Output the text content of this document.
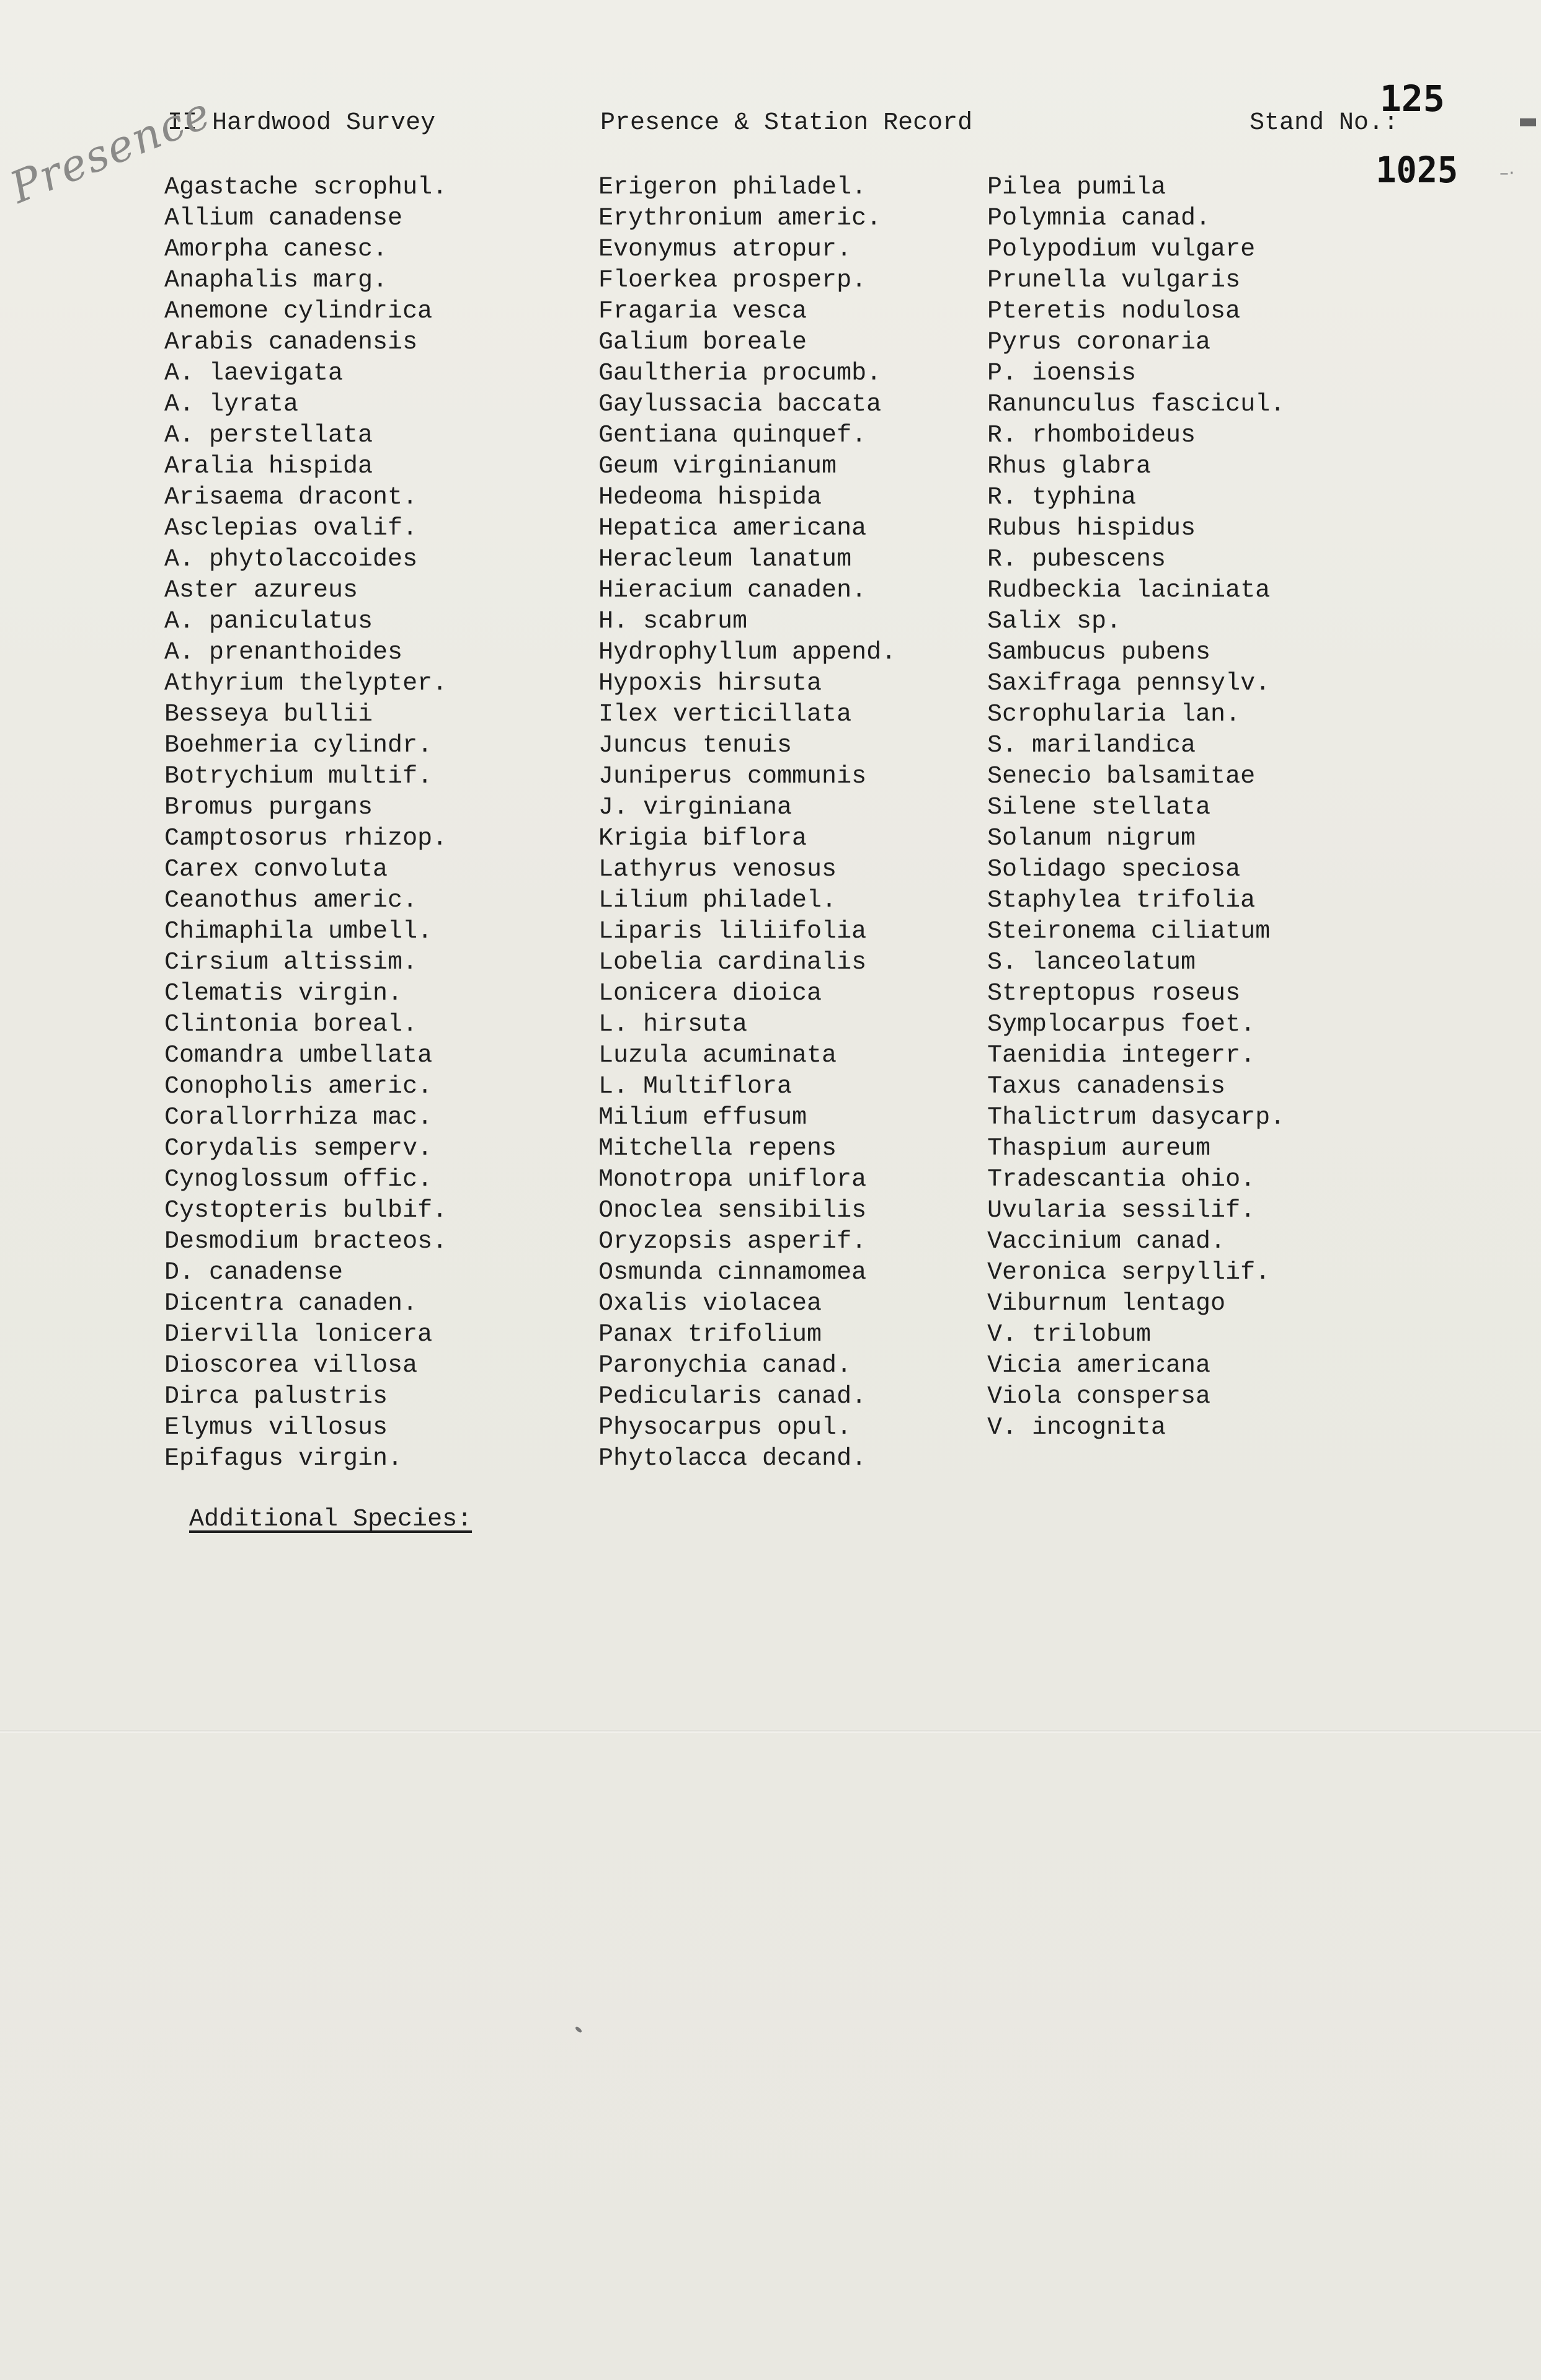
II Hardwood Survey	Presence & Station Record	Stand No.:
125
1025
▬
–·
Presence
Agastache scrophul.
Allium canadense
Amorpha canesc.
Anaphalis marg.
Anemone cylindrica
Arabis canadensis
A. laevigata
A. lyrata
A. perstellata
Aralia hispida
Arisaema dracont.
Asclepias ovalif.
A. phytolaccoides
Aster azureus
A. paniculatus
A. prenanthoides
Athyrium thelypter.
Besseya bullii
Boehmeria cylindr.
Botrychium multif.
Bromus purgans
Camptosorus rhizop.
Carex convoluta
Ceanothus americ.
Chimaphila umbell.
Cirsium altissim.
Clematis virgin.
Clintonia boreal.
Comandra umbellata
Conopholis americ.
Corallorrhiza mac.
Corydalis semperv.
Cynoglossum offic.
Cystopteris bulbif.
Desmodium bracteos.
D. canadense
Dicentra canaden.
Diervilla lonicera
Dioscorea villosa
Dirca palustris
Elymus villosus
Epifagus virgin.
Erigeron philadel.
Erythronium americ.
Evonymus atropur.
Floerkea prosperp.
Fragaria vesca
Galium boreale
Gaultheria procumb.
Gaylussacia baccata
Gentiana quinquef.
Geum virginianum
Hedeoma hispida
Hepatica americana
Heracleum lanatum
Hieracium canaden.
H. scabrum
Hydrophyllum append.
Hypoxis hirsuta
Ilex verticillata
Juncus tenuis
Juniperus communis
J. virginiana
Krigia biflora
Lathyrus venosus
Lilium philadel.
Liparis liliifolia
Lobelia cardinalis
Lonicera dioica
L. hirsuta
Luzula acuminata
L. Multiflora
Milium effusum
Mitchella repens
Monotropa uniflora
Onoclea sensibilis
Oryzopsis asperif.
Osmunda cinnamomea
Oxalis violacea
Panax trifolium
Paronychia canad.
Pedicularis canad.
Physocarpus opul.
Phytolacca decand.
Pilea pumila
Polymnia canad.
Polypodium vulgare
Prunella vulgaris
Pteretis nodulosa
Pyrus coronaria
P. ioensis
Ranunculus fascicul.
R. rhomboideus
Rhus glabra
R. typhina
Rubus hispidus
R. pubescens
Rudbeckia laciniata
Salix sp.
Sambucus pubens
Saxifraga pennsylv.
Scrophularia lan.
S. marilandica
Senecio balsamitae
Silene stellata
Solanum nigrum
Solidago speciosa
Staphylea trifolia
Steironema ciliatum
S. lanceolatum
Streptopus roseus
Symplocarpus foet.
Taenidia integerr.
Taxus canadensis
Thalictrum dasycarp.
Thaspium aureum
Tradescantia ohio.
Uvularia sessilif.
Vaccinium canad.
Veronica serpyllif.
Viburnum lentago
V. trilobum
Vicia americana
Viola conspersa
V. incognita
Additional Species:
